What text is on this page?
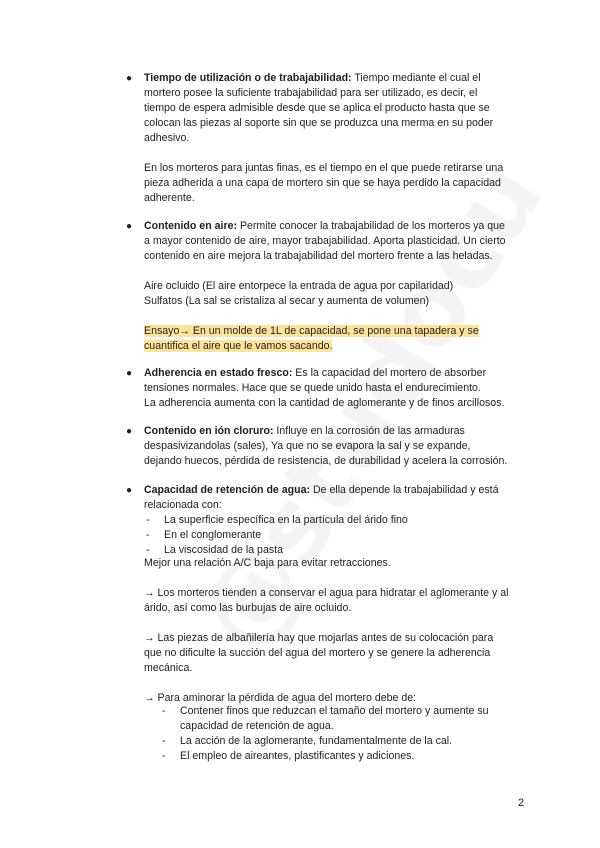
● Tiempo de utilización o de trabajabilidad: Tiempo mediante el cual el
mortero posee la suficiente trabajabilidad para ser utilizado, es decir, el
tiempo de espera admisible desde que se aplica el producto hasta que se
colocan las piezas al soporte sin que se produzca una merma en su poder
adhesivo.
En los morteros para juntas finas, es el tiempo en el que puede retirarse una
pieza adherida a una capa de mortero sin que se haya perdido la capacidad
adherente.
● Contenido en aire: Permite conocer la trabajabilidad de los morteros ya que
a mayor contenido de aire, mayor trabajabilidad. Aporta plasticidad. Un cierto
contenido en aire mejora la trabajabilidad del mortero frente a las heladas.
Aire ocluido (El aire entorpece la entrada de agua por capilaridad)
Sulfatos (La sal se cristaliza al secar y aumenta de volumen)
Ensayo→ En un molde de 1L de capacidad, se pone una tapadera y se
cuantifica el aire que le vamos sacando.
● Adherencia en estado fresco: Es la capacidad del mortero de absorber
tensiones normales. Hace que se quede unido hasta el endurecimiento.
La adherencia aumenta con la cantidad de aglomerante y de finos arcillosos.
● Contenido en ión cloruro: Influye en la corrosión de las armaduras
despasivizandolas (sales), Ya que no se evapora la sal y se expande,
dejando huecos, pérdida de resistencia, de durabilidad y acelera la corrosión.
● Capacidad de retención de agua: De ella depende la trabajabilidad y está
relacionada con:
- La superficie específica en la partícula del árido fino
- En el conglomerante
- La viscosidad de la pasta
Mejor una relación A/C baja para evitar retracciones.
→ Los morteros tienden a conservar el agua para hidratar el aglomerante y al
árido, así como las burbujas de aire ocluido.
→ Las piezas de albañilería hay que mojarlas antes de su colocación para
que no dificulte la succión del agua del mortero y se genere la adherencia
mecánica.
→ Para aminorar la pérdida de agua del mortero debe de:
- Contener finos que reduzcan el tamaño del mortero y aumente su
capacidad de retención de agua.
- La acción de la aglomerante, fundamentalmente de la cal.
- El empleo de aireantes, plastificantes y adiciones.
2
